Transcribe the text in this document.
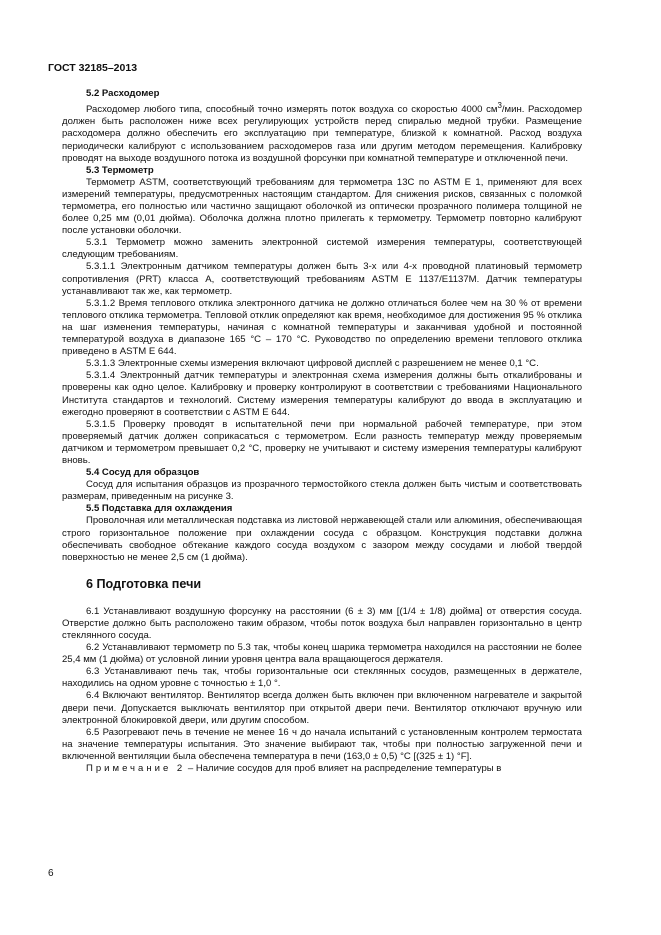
ГОСТ 32185–2013

5.2 Расходомер

Расходомер любого типа, способный точно измерять поток воздуха со скоростью 4000 $см^3$/мин. Расходомер должен быть расположен ниже всех регулирующих устройств перед спиралью медной трубки. Размещение расходомера должно обеспечить его эксплуатацию при температуре, близкой к комнатной. Расход воздуха периодически калибруют с использованием расходомеров газа или другим методом перемещения. Калибровку проводят на выходе воздушного потока из воздушной форсунки при комнатной температуре и отключенной печи.

5.3 Термометр

Термометр ASTM, соответствующий требованиям для термометра 13C по ASTM E 1, применяют для всех измерений температуры, предусмотренных настоящим стандартом. Для снижения рисков, связанных с поломкой термометра, его полностью или частично защищают оболочкой из оптически прозрачного полимера толщиной не более 0,25 мм (0,01 дюйма). Оболочка должна плотно прилегать к термометру. Термометр повторно калибруют после установки оболочки.

5.3.1 Термометр можно заменить электронной системой измерения температуры, соответствующей следующим требованиям.

5.3.1.1 Электронным датчиком температуры должен быть 3-х или 4-х проводной платиновый термометр сопротивления (PRT) класса А, соответствующий требованиям ASTM E 1137/E1137M. Датчик температуры устанавливают так же, как термометр.

5.3.1.2 Время теплового отклика электронного датчика не должно отличаться более чем на 30 % от времени теплового отклика термометра. Тепловой отклик определяют как время, необходимое для достижения 95 % отклика на шаг изменения температуры, начиная с комнатной температуры и заканчивая удобной и постоянной температурой воздуха в диапазоне 165 °C – 170 °C. Руководство по определению времени теплового отклика приведено в ASTM E 644.

5.3.1.3 Электронные схемы измерения включают цифровой дисплей с разрешением не менее 0,1 °C.

5.3.1.4 Электронный датчик температуры и электронная схема измерения должны быть откалиброваны и проверены как одно целое. Калибровку и проверку контролируют в соответствии с требованиями Национального Института стандартов и технологий. Систему измерения температуры калибруют до ввода в эксплуатацию и ежегодно проверяют в соответствии с ASTM E 644.

5.3.1.5 Проверку проводят в испытательной печи при нормальной рабочей температуре, при этом проверяемый датчик должен соприкасаться с термометром. Если разность температур между проверяемым датчиком и термометром превышает 0,2 °C, проверку не учитывают и систему измерения температуры калибруют вновь.

5.4 Сосуд для образцов

Сосуд для испытания образцов из прозрачного термостойкого стекла должен быть чистым и соответствовать размерам, приведенным на рисунке 3.

5.5 Подставка для охлаждения

Проволочная или металлическая подставка из листовой нержавеющей стали или алюминия, обеспечивающая строго горизонтальное положение при охлаждении сосуда с образцом. Конструкция подставки должна обеспечивать свободное обтекание каждого сосуда воздухом с зазором между сосудами и любой твердой поверхностью не менее 2,5 см (1 дюйма).

6 Подготовка печи

6.1 Устанавливают воздушную форсунку на расстоянии (6 ± 3) мм [(1/4 ± 1/8) дюйма] от отверстия сосуда. Отверстие должно быть расположено таким образом, чтобы поток воздуха был направлен горизонтально в центр стеклянного сосуда.

6.2 Устанавливают термометр по 5.3 так, чтобы конец шарика термометра находился на расстоянии не более 25,4 мм (1 дюйма) от условной линии уровня центра вала вращающегося держателя.

6.3 Устанавливают печь так, чтобы горизонтальные оси стеклянных сосудов, размещенных в держателе, находились на одном уровне с точностью ± 1,0 °.

6.4 Включают вентилятор. Вентилятор всегда должен быть включен при включенном нагревателе и закрытой двери печи. Допускается выключать вентилятор при открытой двери печи. Вентилятор отключают вручную или электронной блокировкой двери, или другим способом.

6.5 Разогревают печь в течение не менее 16 ч до начала испытаний с установленным контролем термостата на значение температуры испытания. Это значение выбирают так, чтобы при полностью загруженной печи и включенной вентиляции была обеспечена температура в печи (163,0 ± 0,5) °C [(325 ± 1) °F].

Примечание 2 – Наличие сосудов для проб влияет на распределение температуры в

6
